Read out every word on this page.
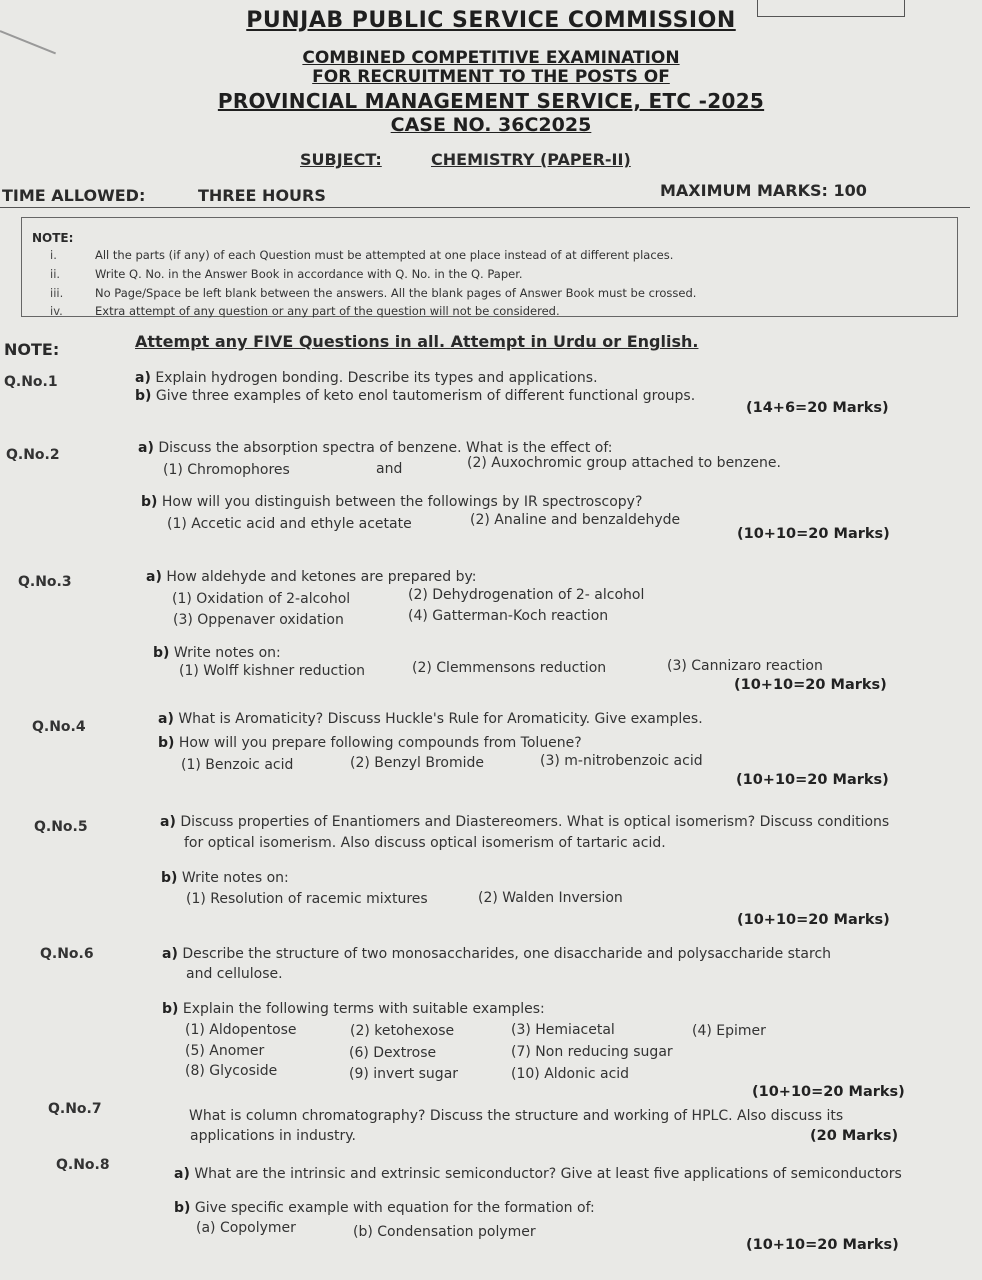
PUNJAB PUBLIC SERVICE COMMISSION
COMBINED COMPETITIVE EXAMINATION
FOR RECRUITMENT TO THE POSTS OF
PROVINCIAL MANAGEMENT SERVICE, ETC -2025
CASE NO. 36C2025
SUBJECT:	CHEMISTRY (PAPER-II)
TIME ALLOWED:	THREE HOURS	MAXIMUM MARKS: 100
NOTE:
i.	All the parts (if any) of each Question must be attempted at one place instead of at different places.
ii.	Write Q. No. in the Answer Book in accordance with Q. No. in the Q. Paper.
iii.	No Page/Space be left blank between the answers. All the blank pages of Answer Book must be crossed.
iv.	Extra attempt of any question or any part of the question will not be considered.
NOTE:	Attempt any FIVE Questions in all. Attempt in Urdu or English.
Q.No.1	a) Explain hydrogen bonding. Describe its types and applications.
b) Give three examples of keto enol tautomerism of different functional groups.
(14+6=20 Marks)
Q.No.2	a) Discuss the absorption spectra of benzene. What is the effect of:
(1) Chromophores	and	(2) Auxochromic group attached to benzene.
b) How will you distinguish between the followings by IR spectroscopy?
(1) Accetic acid and ethyle acetate	(2) Analine and benzaldehyde
(10+10=20 Marks)
Q.No.3	a) How aldehyde and ketones are prepared by:
(1) Oxidation of 2-alcohol	(2) Dehydrogenation of 2- alcohol
(3) Oppenaver oxidation	(4) Gatterman-Koch reaction
b) Write notes on:
(1) Wolff kishner reduction	(2) Clemmensons reduction	(3) Cannizaro reaction
(10+10=20 Marks)
Q.No.4	a) What is Aromaticity? Discuss Huckle's Rule for Aromaticity. Give examples.
b) How will you prepare following compounds from Toluene?
(1) Benzoic acid	(2) Benzyl Bromide	(3) m-nitrobenzoic acid
(10+10=20 Marks)
Q.No.5	a) Discuss properties of Enantiomers and Diastereomers. What is optical isomerism? Discuss conditions
for optical isomerism. Also discuss optical isomerism of tartaric acid.
b) Write notes on:
(1) Resolution of racemic mixtures	(2) Walden Inversion
(10+10=20 Marks)
Q.No.6	a) Describe the structure of two monosaccharides, one disaccharide and polysaccharide starch
and cellulose.
b) Explain the following terms with suitable examples:
(1) Aldopentose	(2) ketohexose	(3) Hemiacetal	(4) Epimer
(5) Anomer	(6) Dextrose	(7) Non reducing sugar
(8) Glycoside	(9) invert sugar	(10) Aldonic acid
(10+10=20 Marks)
Q.No.7	What is column chromatography? Discuss the structure and working of HPLC. Also discuss its
applications in industry.	(20 Marks)
Q.No.8
a) What are the intrinsic and extrinsic semiconductor? Give at least five applications of semiconductors
b) Give specific example with equation for the formation of:
(a) Copolymer	(b) Condensation polymer
(10+10=20 Marks)
